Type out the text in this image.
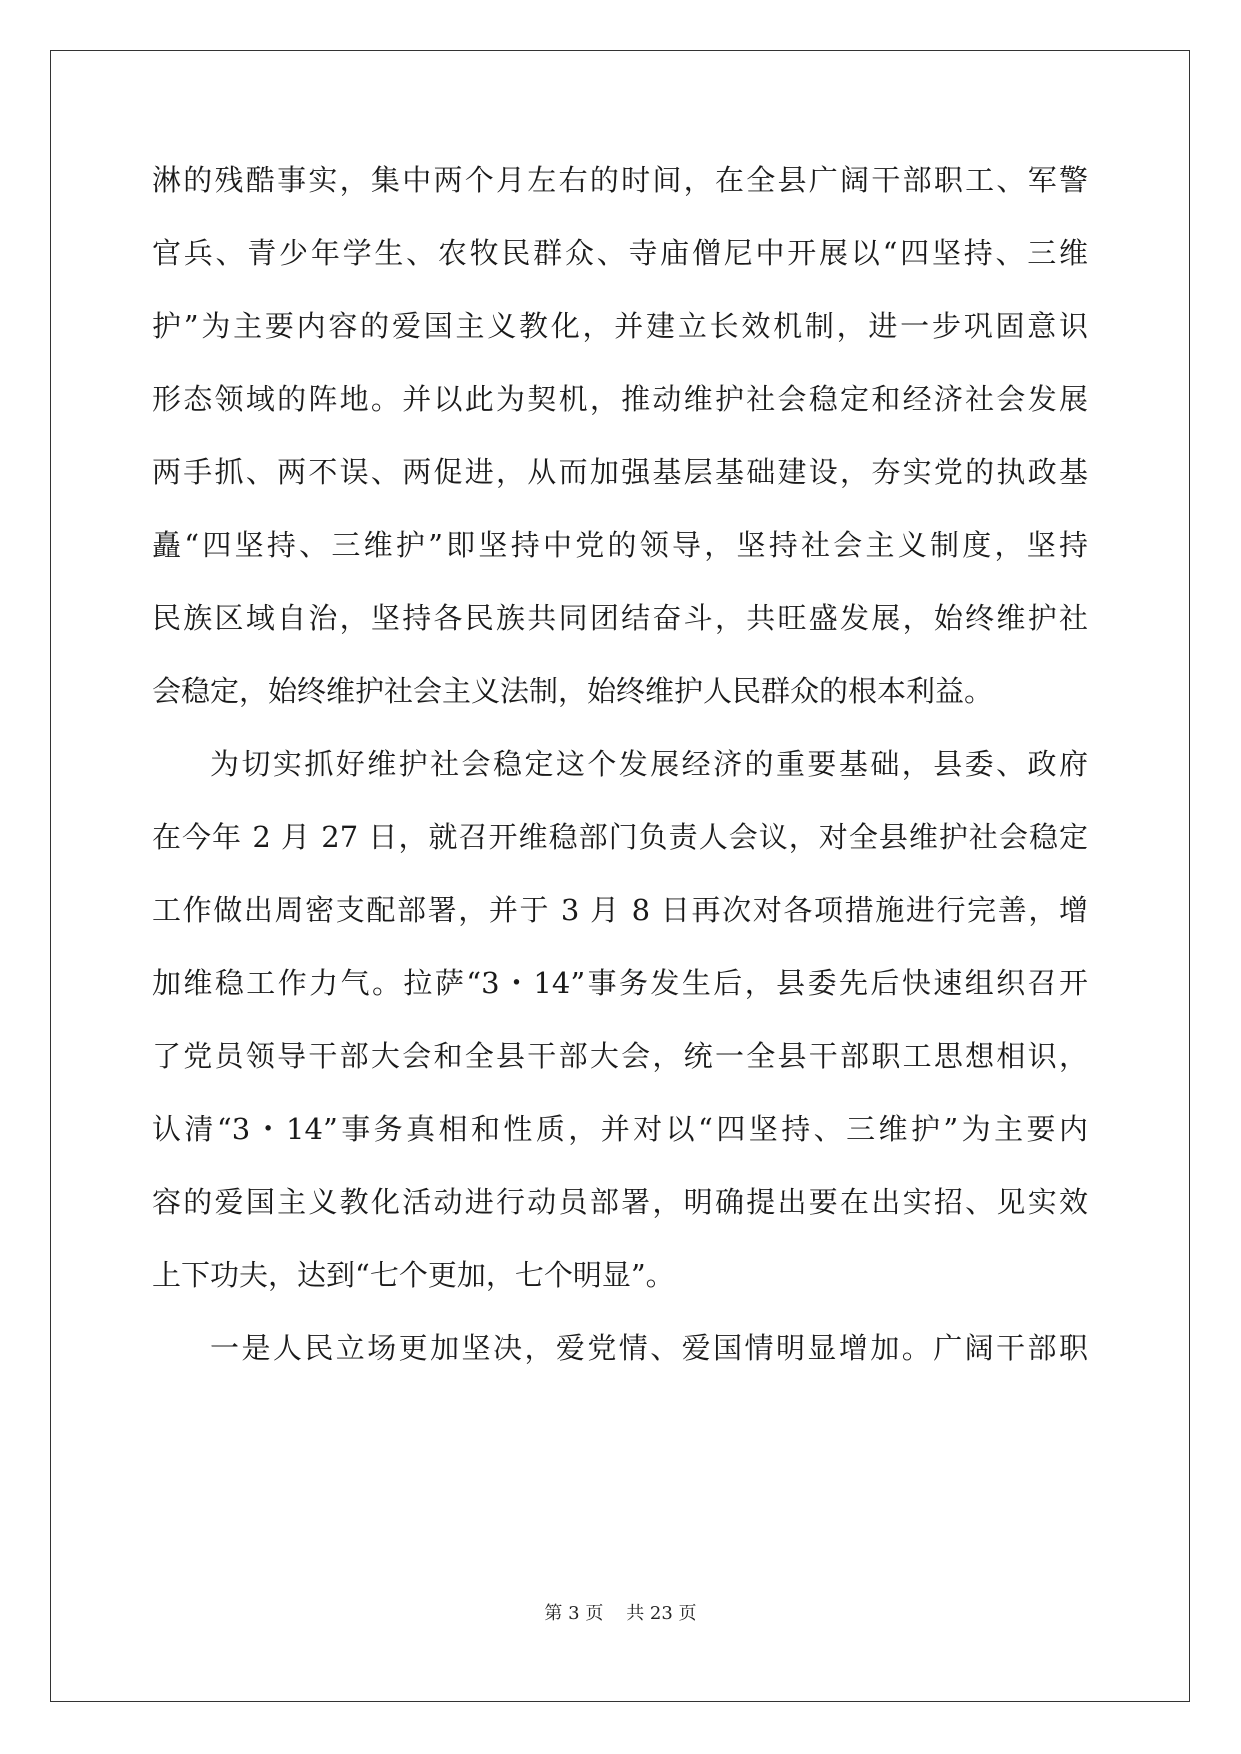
淋的残酷事实，集中两个月左右的时间，在全县广阔干部职工、军警
官兵、青少年学生、农牧民群众、寺庙僧尼中开展以“四坚持、三维
护”为主要内容的爱国主义教化，并建立长效机制，进一步巩固意识
形态领域的阵地。并以此为契机，推动维护社会稳定和经济社会发展
两手抓、两不误、两促进，从而加强基层基础建设，夯实党的执政基
矗“四坚持、三维护”即坚持中党的领导，坚持社会主义制度，坚持
民族区域自治，坚持各民族共同团结奋斗，共旺盛发展，始终维护社
会稳定，始终维护社会主义法制，始终维护人民群众的根本利益。
为切实抓好维护社会稳定这个发展经济的重要基础，县委、政府
在今年 2 月 27 日，就召开维稳部门负责人会议，对全县维护社会稳定
工作做出周密支配部署，并于 3 月 8 日再次对各项措施进行完善，增
加维稳工作力气。拉萨“3・14”事务发生后，县委先后快速组织召开
了党员领导干部大会和全县干部大会，统一全县干部职工思想相识，
认清“3・14”事务真相和性质，并对以“四坚持、三维护”为主要内
容的爱国主义教化活动进行动员部署，明确提出要在出实招、见实效
上下功夫，达到“七个更加，七个明显”。
一是人民立场更加坚决，爱党情、爱国情明显增加。广阔干部职
第 3 页    共 23 页
